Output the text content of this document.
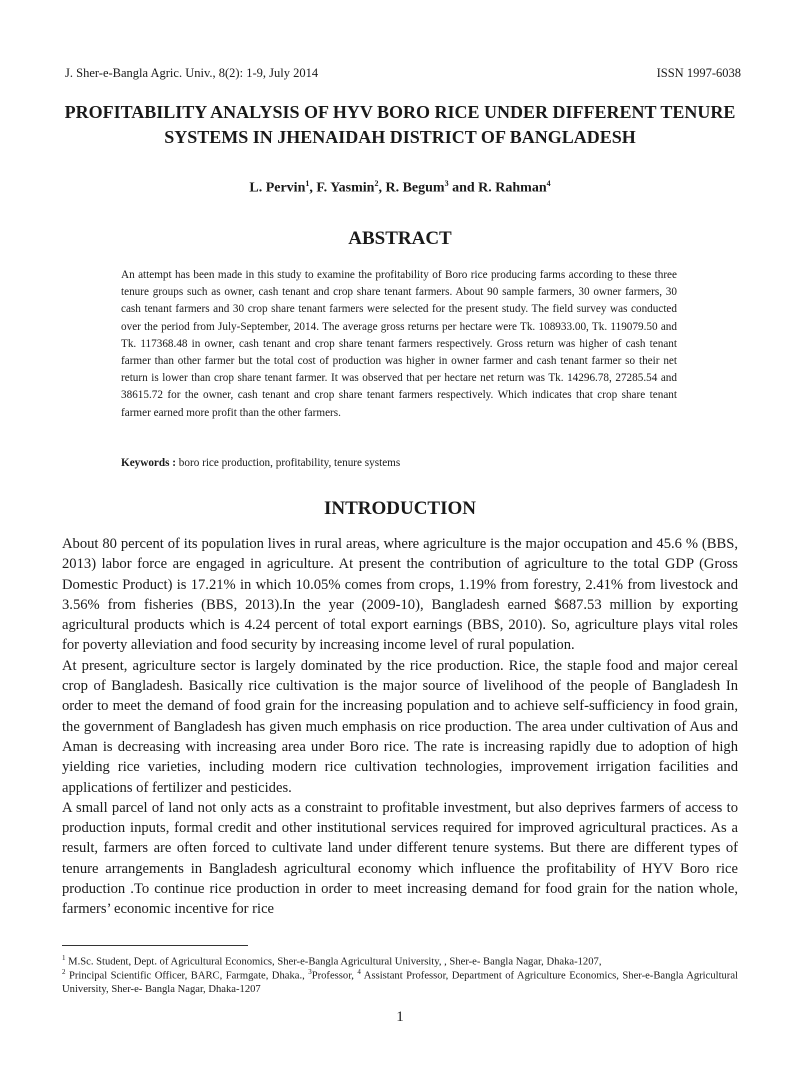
J. Sher-e-Bangla Agric. Univ., 8(2): 1-9, July 2014	ISSN 1997-6038
PROFITABILITY ANALYSIS OF HYV BORO RICE UNDER DIFFERENT TENURE SYSTEMS IN JHENAIDAH DISTRICT OF BANGLADESH
L. Pervin$^1$, F. Yasmin$^2$, R. Begum$^3$ and R. Rahman$^4$
ABSTRACT

An attempt has been made in this study to examine the profitability of Boro rice producing farms according to these three tenure groups such as owner, cash tenant and crop share tenant farmers. About 90 sample farmers, 30 owner farmers, 30 cash tenant farmers and 30 crop share tenant farmers were selected for the present study. The field survey was conducted over the period from July-September, 2014. The average gross returns per hectare were Tk. 108933.00, Tk. 119079.50 and Tk. 117368.48 in owner, cash tenant and crop share tenant farmers respectively. Gross return was higher of cash tenant farmer than other farmer but the total cost of production was higher in owner farmer and cash tenant farmer so their net return is lower than crop share tenant farmer. It was observed that per hectare net return was Tk. 14296.78, 27285.54 and 38615.72 for the owner, cash tenant and crop share tenant farmers respectively. Which indicates that crop share tenant farmer earned more profit than the other farmers.

Keywords : boro rice production, profitability, tenure systems

INTRODUCTION

About 80 percent of its population lives in rural areas, where agriculture is the major occupation and 45.6 % (BBS, 2013) labor force are engaged in agriculture. At present the contribution of agriculture to the total GDP (Gross Domestic Product) is 17.21% in which 10.05% comes from crops, 1.19% from forestry, 2.41% from livestock and 3.56% from fisheries (BBS, 2013).In the year (2009-10), Bangladesh earned $687.53 million by exporting agricultural products which is 4.24 percent of total export earnings (BBS, 2010). So, agriculture plays vital roles for poverty alleviation and food security by increasing income level of rural population.

At present, agriculture sector is largely dominated by the rice production. Rice, the staple food and major cereal crop of Bangladesh. Basically rice cultivation is the major source of livelihood of the people of Bangladesh In order to meet the demand of food grain for the increasing population and to achieve self-sufficiency in food grain, the government of Bangladesh has given much emphasis on rice production. The area under cultivation of Aus and Aman is decreasing with increasing area under Boro rice. The rate is increasing rapidly due to adoption of high yielding rice varieties, including modern rice cultivation technologies, improvement irrigation facilities and applications of fertilizer and pesticides.

A small parcel of land not only acts as a constraint to profitable investment, but also deprives farmers of access to production inputs, formal credit and other institutional services required for improved agricultural practices. As a result, farmers are often forced to cultivate land under different tenure systems. But there are different types of tenure arrangements in Bangladesh agricultural economy which influence the profitability of HYV Boro rice production .To continue rice production in order to meet increasing demand for food grain for the nation whole, farmers’ economic incentive for rice

$^1$ M.Sc. Student, Dept. of Agricultural Economics, Sher-e-Bangla Agricultural University, , Sher-e- Bangla Nagar, Dhaka-1207,
$^2$ Principal Scientific Officer, BARC, Farmgate, Dhaka., $^3$Professor, $^4$ Assistant Professor, Department of Agriculture Economics, Sher-e-Bangla Agricultural University, Sher-e- Bangla Nagar, Dhaka-1207
1
